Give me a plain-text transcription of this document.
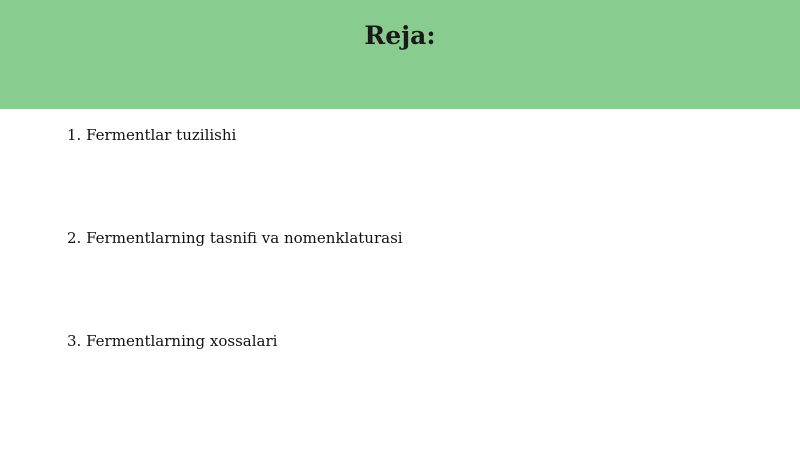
Reja:
1. Fermentlar tuzilishi
2. Fermentlarning tasnifi va nomenklaturasi
3. Fermentlarning xossalari
